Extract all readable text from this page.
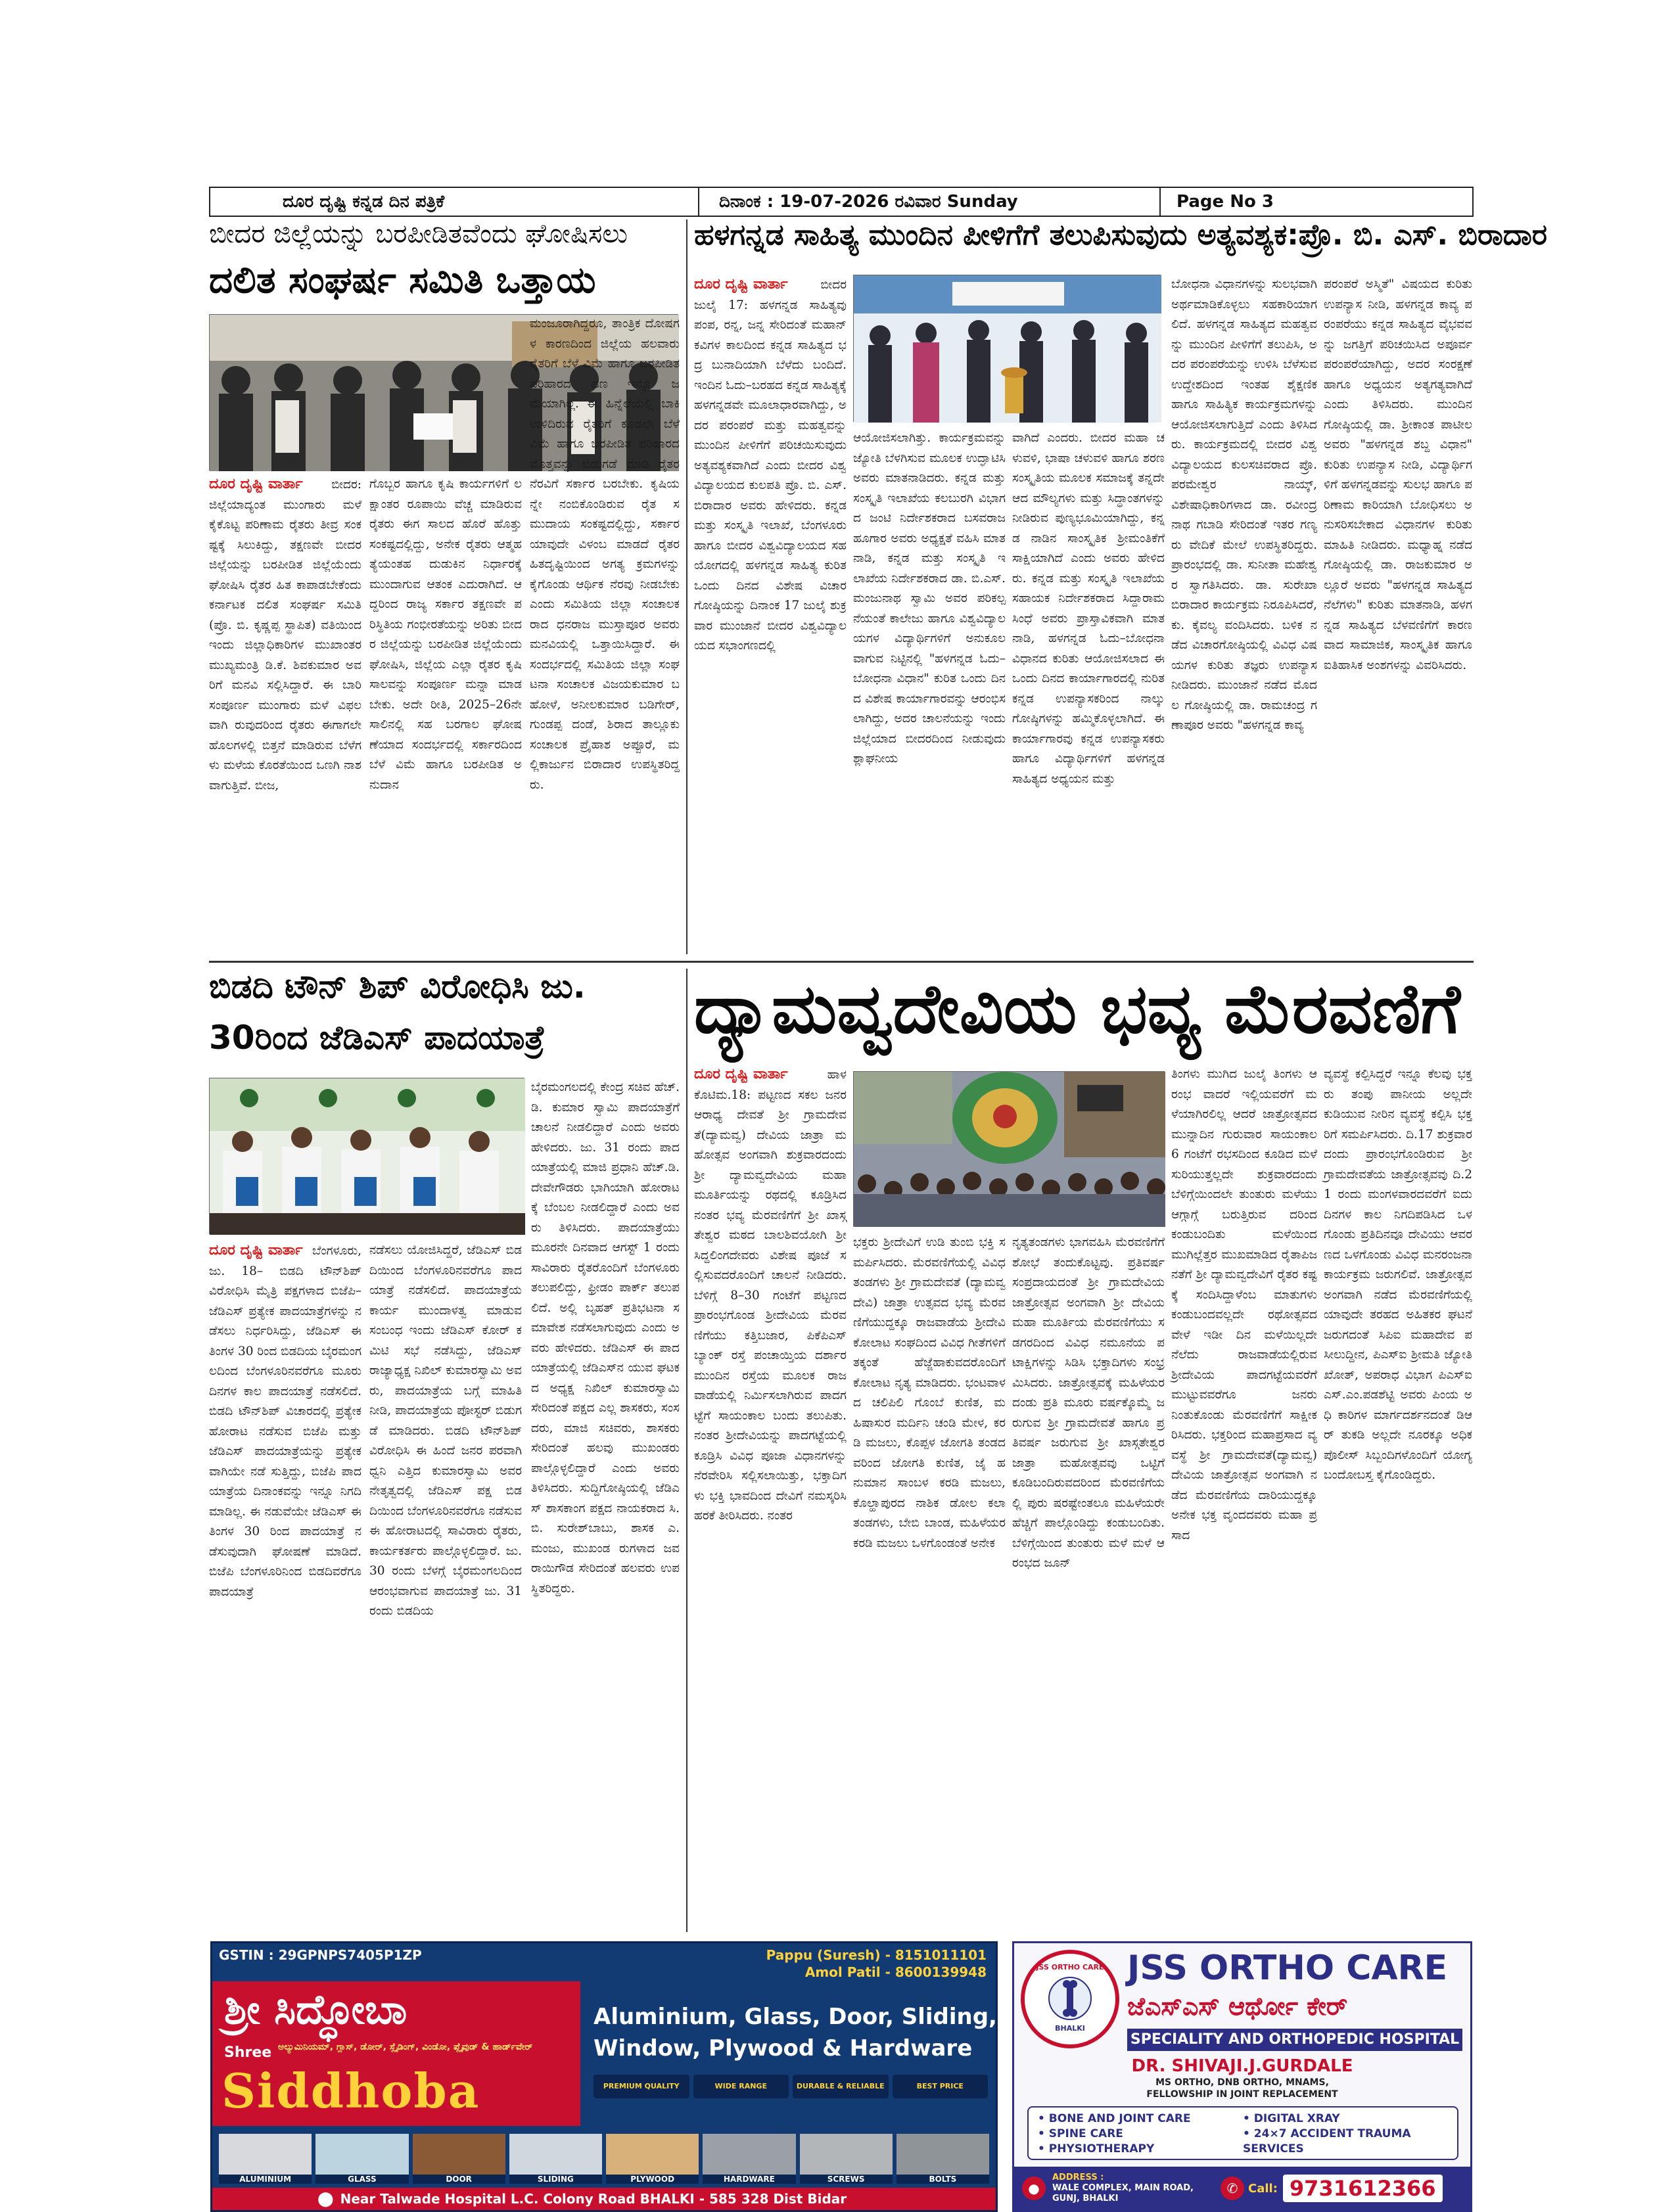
ದೂರ ದೃಷ್ಟಿ ಕನ್ನಡ ದಿನ ಪತ್ರಿಕೆ	ದಿನಾಂಕ : 19-07-2026 ರವಿವಾರ Sunday	Page No 3
ಬೀದರ ಜಿಲ್ಲೆಯನ್ನು ಬರಪೀಡಿತವೆಂದು ಘೋಷಿಸಲು
ದಲಿತ ಸಂಘರ್ಷ ಸಮಿತಿ ಒತ್ತಾಯ
ದೂರ ದೃಷ್ಟಿ ವಾರ್ತಾ ಬೀದರ: ಜಿಲ್ಲೆಯಾದ್ಯಂತ ಮುಂಗಾರು ಮಳೆ ಕೈಕೊಟ್ಟ ಪರಿಣಾಮ ರೈತರು ತೀವ್ರ ಸಂಕಷ್ಟಕ್ಕೆ ಸಿಲುಕಿದ್ದು, ತಕ್ಷಣವೇ ಬೀದರ ಜಿಲ್ಲೆಯನ್ನು ಬರಪೀಡಿತ ಜಿಲ್ಲೆಯೆಂದು ಘೋಷಿಸಿ ರೈತರ ಹಿತ ಕಾಪಾಡಬೇಕೆಂದು ಕರ್ನಾಟಕ ದಲಿತ ಸಂಘರ್ಷ ಸಮಿತಿ (ಪ್ರೊ. ಬಿ. ಕೃಷ್ಣಪ್ಪ ಸ್ಥಾಪಿತ) ವತಿಯಿಂದ ಇಂದು ಜಿಲ್ಲಾಧಿಕಾರಿಗಳ ಮುಖಾಂತರ ಮುಖ್ಯಮಂತ್ರಿ ಡಿ.ಕೆ. ಶಿವಕುಮಾರ ಅವರಿಗೆ ಮನವಿ ಸಲ್ಲಿಸಿದ್ದಾರೆ. ಈ ಬಾರಿ ಸಂಪೂರ್ಣ ಮುಂಗಾರು ಮಳೆ ವಿಫಲವಾಗಿ ರುವುದರಿಂದ ರೈತರು ಈಗಾಗಲೇ ಹೊಲಗಳಲ್ಲಿ ಬಿತ್ತನೆ ಮಾಡಿರುವ ಬೆಳೆಗಳು ಮಳೆಯ ಕೊರತೆಯಿಂದ ಒಣಗಿ ನಾಶವಾಗುತ್ತಿವೆ. ಬೀಜ,
ಗೊಬ್ಬರ ಹಾಗೂ ಕೃಷಿ ಕಾರ್ಯಗಳಿಗೆ ಲಕ್ಷಾಂತರ ರೂಪಾಯಿ ವೆಚ್ಚ ಮಾಡಿರುವ ರೈತರು ಈಗ ಸಾಲದ ಹೊರೆ ಹೊತ್ತು ಸಂಕಷ್ಟದಲ್ಲಿದ್ದು, ಅನೇಕ ರೈತರು ಆತ್ಮಹತ್ಯೆಯಂತಹ ದುಡುಕಿನ ನಿರ್ಧಾರಕ್ಕೆ ಮುಂದಾಗುವ ಆತಂಕ ಎದುರಾಗಿದೆ. ಆದ್ದರಿಂದ ರಾಜ್ಯ ಸರ್ಕಾರ ತಕ್ಷಣವೇ ಪರಿಸ್ಥಿತಿಯ ಗಂಭೀರತೆಯನ್ನು ಅರಿತು ಬೀದರ ಜಿಲ್ಲೆಯನ್ನು ಬರಪೀಡಿತ ಜಿಲ್ಲೆಯೆಂದು ಘೋಷಿಸಿ, ಜಿಲ್ಲೆಯ ಎಲ್ಲಾ ರೈತರ ಕೃಷಿ ಸಾಲವನ್ನು ಸಂಪೂರ್ಣ ಮನ್ನಾ ಮಾಡಬೇಕು. ಅದೇ ರೀತಿ, 2025–26ನೇ ಸಾಲಿನಲ್ಲಿ ಸಹ ಬರಗಾಲ ಘೋಷಣೆಯಾದ ಸಂದರ್ಭದಲ್ಲಿ ಸರ್ಕಾರದಿಂದ ಬೆಳೆ ವಿಮೆ ಹಾಗೂ ಬರಪೀಡಿತ ಅನುದಾನ
ಮಂಜೂರಾಗಿದ್ದರೂ, ತಾಂತ್ರಿಕ ದೋಷಗಳ ಕಾರಣದಿಂದ ಜಿಲ್ಲೆಯ ಹಲವಾರು ರೈತರಿಗೆ ಬೆಳೆ ವಿಮೆ ಹಾಗೂ ಬರಪೀಡಿತ ಪರಿಹಾರದ ಹಣ ಇನ್ನೂ ಜಮೆಯಾಗಿಲ್ಲ. ಈ ಹಿನ್ನೆಲೆಯಲ್ಲಿ ಬಾಕಿ ಉಳಿದಿರುವ ರೈತರಿಗೆ ಕೂಡಲೇ ಬೆಳೆ ವಿಮೆ ಹಾಗೂ ಬರಪೀಡಿತ ಪರಿಹಾರದ ಮೊತ್ತವನ್ನು ಬಿಡುಗಡೆ ಮಾಡಿ ರೈತರ ನೆರವಿಗೆ ಸರ್ಕಾರ ಬರಬೇಕು. ಕೃಷಿಯನ್ನೇ ನಂಬಿಕೊಂಡಿರುವ ರೈತ ಸಮುದಾಯ ಸಂಕಷ್ಟದಲ್ಲಿದ್ದು, ಸರ್ಕಾರ ಯಾವುದೇ ವಿಳಂಬ ಮಾಡದೆ ರೈತರ ಹಿತದೃಷ್ಟಿಯಿಂದ ಅಗತ್ಯ ಕ್ರಮಗಳನ್ನು ಕೈಗೊಂಡು ಆರ್ಥಿಕ ನೆರವು ನೀಡಬೇಕು ಎಂದು ಸಮಿತಿಯ ಜಿಲ್ಲಾ ಸಂಚಾಲಕರಾದ ಧನರಾಜ ಮುಸ್ತಾಪೂರ ಅವರು ಮನವಿಯಲ್ಲಿ ಒತ್ತಾಯಿಸಿದ್ದಾರೆ. ಈ ಸಂದರ್ಭದಲ್ಲಿ ಸಮಿತಿಯ ಜಿಲ್ಲಾ ಸಂಘಟನಾ ಸಂಚಾಲಕ ವಿಜಯಕುಮಾರ ಬಹೋಳೆ, ಅನೀಲಕುಮಾರ ಬಡಿಗೇರ್, ಗುಂಡಪ್ಪ ದಂಡೆ, ಶಿರಾದ ತಾಲ್ಲೂಕು ಸಂಚಾಲಕ ಪ್ರೈಹಾಶ ಅಪ್ಪೂರೆ, ಮಲ್ಲಿಕಾರ್ಜುನ ಬಿರಾದಾರ ಉಪಸ್ಥಿತರಿದ್ದರು.
ಹಳಗನ್ನಡ ಸಾಹಿತ್ಯ ಮುಂದಿನ ಪೀಳಿಗೆಗೆ ತಲುಪಿಸುವುದು ಅತ್ಯವಶ್ಯಕ:ಪ್ರೊ. ಬಿ. ಎಸ್. ಬಿರಾದಾರ
ದೂರ ದೃಷ್ಟಿ ವಾರ್ತಾ	ಬೀದರ ಜುಲೈ 17: ಹಳಗನ್ನಡ ಸಾಹಿತ್ಯವು ಪಂಪ, ರನ್ನ, ಜನ್ನ ಸೇರಿದಂತೆ ಮಹಾನ್ ಕವಿಗಳ ಕಾಲದಿಂದ ಕನ್ನಡ ಸಾಹಿತ್ಯದ ಭದ್ರ ಬುನಾದಿಯಾಗಿ ಬೆಳೆದು ಬಂದಿದೆ. ಇಂದಿನ ಓದು–ಬರಹದ ಕನ್ನಡ ಸಾಹಿತ್ಯಕ್ಕೆ ಹಳಗನ್ನಡವೇ ಮೂಲಾಧಾರವಾಗಿದ್ದು, ಅದರ ಪರಂಪರೆ ಮತ್ತು ಮಹತ್ವವನ್ನು ಮುಂದಿನ ಪೀಳಿಗೆಗೆ ಪರಿಚಯಿಸುವುದು ಅತ್ಯವಶ್ಯಕವಾಗಿದೆ ಎಂದು ಬೀದರ ವಿಶ್ವವಿದ್ಯಾಲಯದ ಕುಲಪತಿ ಪ್ರೊ. ಬಿ. ಎಸ್. ಬಿರಾದಾರ ಅವರು ಹೇಳಿದರು. ಕನ್ನಡ ಮತ್ತು ಸಂಸ್ಕೃತಿ ಇಲಾಖೆ, ಬೆಂಗಳೂರು ಹಾಗೂ ಬೀದರ ವಿಶ್ವವಿದ್ಯಾಲಯದ ಸಹಯೋಗದಲ್ಲಿ ಹಳಗನ್ನಡ ಸಾಹಿತ್ಯ ಕುರಿತ ಒಂದು ದಿನದ ವಿಶೇಷ ವಿಚಾರಗೋಷ್ಠಿಯನ್ನು ದಿನಾಂಕ 17 ಜುಲೈ ಶುಕ್ರವಾರ ಮುಂಜಾನೆ ಬೀದರ ವಿಶ್ವವಿದ್ಯಾಲಯದ ಸಭಾಂಗಣದಲ್ಲಿ
ಆಯೋಜಿಸಲಾಗಿತ್ತು. ಕಾರ್ಯಕ್ರಮವನ್ನು ಜ್ಯೋತಿ ಬೆಳಗಿಸುವ ಮೂಲಕ ಉದ್ಘಾಟಿಸಿ ಅವರು ಮಾತನಾಡಿದರು. ಕನ್ನಡ ಮತ್ತು ಸಂಸ್ಕೃತಿ ಇಲಾಖೆಯ ಕಲಬುರಗಿ ವಿಭಾಗದ ಜಂಟಿ ನಿರ್ದೇಶಕರಾದ ಬಸವರಾಜ ಹೂಗಾರ ಅವರು ಅಧ್ಯಕ್ಷತೆ ವಹಿಸಿ ಮಾತನಾಡಿ, ಕನ್ನಡ ಮತ್ತು ಸಂಸ್ಕೃತಿ ಇಲಾಖೆಯ ನಿರ್ದೇಶಕರಾದ ಡಾ. ಬಿ.ಎಸ್.ಮಂಜುನಾಥ ಸ್ವಾಮಿ ಅವರ ಪರಿಕಲ್ಪನೆಯಂತೆ ಕಾಲೇಜು ಹಾಗೂ ವಿಶ್ವವಿದ್ಯಾಲಯಗಳ ವಿದ್ಯಾರ್ಥಿಗಳಿಗೆ ಅನುಕೂಲವಾಗುವ ನಿಟ್ಟಿನಲ್ಲಿ "ಹಳಗನ್ನಡ ಓದು–ಬೋಧನಾ ವಿಧಾನ" ಕುರಿತ ಒಂದು ದಿನದ ವಿಶೇಷ ಕಾರ್ಯಾಗಾರವನ್ನು ಆರಂಭಿಸಲಾಗಿದ್ದು, ಅದರ ಚಾಲನೆಯನ್ನು ಇಂದು ಜಿಲ್ಲೆಯಾದ ಬೀದರದಿಂದ ನೀಡುವುದು ಶ್ಲಾಘನೀಯ
ವಾಗಿದೆ ಎಂದರು. ಬೀದರ ಮಹಾ ಚಳುವಳಿ, ಭಾಷಾ ಚಳುವಳಿ ಹಾಗೂ ಶರಣ ಸಂಸ್ಕೃತಿಯ ಮೂಲಕ ಸಮಾಜಕ್ಕೆ ತನ್ನದೇ ಆದ ಮೌಲ್ಯಗಳು ಮತ್ತು ಸಿದ್ಧಾಂತಗಳನ್ನು ನೀಡಿರುವ ಪುಣ್ಯಭೂಮಿಯಾಗಿದ್ದು, ಕನ್ನಡ ನಾಡಿನ ಸಾಂಸ್ಕೃತಿಕ ಶ್ರೀಮಂತಿಕೆಗೆ ಸಾಕ್ಷಿಯಾಗಿದೆ ಎಂದು ಅವರು ಹೇಳಿದರು. ಕನ್ನಡ ಮತ್ತು ಸಂಸ್ಕೃತಿ ಇಲಾಖೆಯ ಸಹಾಯಕ ನಿರ್ದೇಶಕರಾದ ಸಿದ್ದಾರಾಮ ಸಿಂಧೆ ಅವರು ಪ್ರಾಸ್ತಾವಿಕವಾಗಿ ಮಾತನಾಡಿ, ಹಳಗನ್ನಡ ಓದು–ಬೋಧನಾ ವಿಧಾನದ ಕುರಿತು ಆಯೋಜಿಸಲಾದ ಈ ಒಂದು ದಿನದ ಕಾರ್ಯಾಗಾರದಲ್ಲಿ ನುರಿತ ಕನ್ನಡ ಉಪನ್ಯಾಸಕರಿಂದ ನಾಲ್ಕು ಗೋಷ್ಠಿಗಳನ್ನು ಹಮ್ಮಿಕೊಳ್ಳಲಾಗಿದೆ. ಈ ಕಾರ್ಯಾಗಾರವು ಕನ್ನಡ ಉಪನ್ಯಾಸಕರು ಹಾಗೂ ವಿದ್ಯಾರ್ಥಿಗಳಿಗೆ ಹಳಗನ್ನಡ ಸಾಹಿತ್ಯದ ಅಧ್ಯಯನ ಮತ್ತು
ಬೋಧನಾ ವಿಧಾನಗಳನ್ನು ಸುಲಭವಾಗಿ ಅರ್ಥಮಾಡಿಕೊಳ್ಳಲು ಸಹಕಾರಿಯಾಗಲಿದೆ. ಹಳಗನ್ನಡ ಸಾಹಿತ್ಯದ ಮಹತ್ವವನ್ನು ಮುಂದಿನ ಪೀಳಿಗೆಗೆ ತಲುಪಿಸಿ, ಅದರ ಪರಂಪರೆಯನ್ನು ಉಳಿಸಿ ಬೆಳೆಸುವ ಉದ್ದೇಶದಿಂದ ಇಂತಹ ಶೈಕ್ಷಣಿಕ ಹಾಗೂ ಸಾಹಿತ್ಯಿಕ ಕಾರ್ಯಕ್ರಮಗಳನ್ನು ಆಯೋಜಿಸಲಾಗುತ್ತಿದೆ ಎಂದು ತಿಳಿಸಿದರು. ಕಾರ್ಯಕ್ರಮದಲ್ಲಿ ಬೀದರ ವಿಶ್ವವಿದ್ಯಾಲಯದ ಕುಲಸಚಿವರಾದ ಪ್ರೊ. ಪರಮೇಶ್ವರ ನಾಯ್ಕ್, ವಿಶೇಷಾಧಿಕಾರಿಗಳಾದ ಡಾ. ರವೀಂದ್ರನಾಥ ಗಬಾಡಿ ಸೇರಿದಂತೆ ಇತರ ಗಣ್ಯರು ವೇದಿಕೆ ಮೇಲೆ ಉಪಸ್ಥಿತರಿದ್ದರು. ಪ್ರಾರಂಭದಲ್ಲಿ ಡಾ. ಸುನೀತಾ ಮಹೇಶ್ವರ ಸ್ವಾಗತಿಸಿದರು. ಡಾ. ಸುರೇಖಾ ಬಿರಾದಾರ ಕಾರ್ಯಕ್ರಮ ನಿರೂಪಿಸಿದರೆ, ಕು. ಕೈವಲ್ಯ ವಂದಿಸಿದರು. ಬಳಿಕ ನಡೆದ ವಿಚಾರಗೋಷ್ಠಿಯಲ್ಲಿ ವಿವಿಧ ವಿಷಯಗಳ ಕುರಿತು ತಜ್ಞರು ಉಪನ್ಯಾಸ ನೀಡಿದರು. ಮುಂಜಾನೆ ನಡೆದ ಮೊದಲ ಗೋಷ್ಠಿಯಲ್ಲಿ ಡಾ. ರಾಮಚಂದ್ರ ಗಣಾಪೂರ ಅವರು "ಹಳಗನ್ನಡ ಕಾವ್ಯ
ಪರಂಪರೆ ಅಸ್ಮಿತೆ" ವಿಷಯದ ಕುರಿತು ಉಪನ್ಯಾಸ ನೀಡಿ, ಹಳಗನ್ನಡ ಕಾವ್ಯ ಪರಂಪರೆಯು ಕನ್ನಡ ಸಾಹಿತ್ಯದ ವೈಭವವನ್ನು ಜಗತ್ತಿಗೆ ಪರಿಚಯಿಸಿದ ಅಪೂರ್ವ ಪರಂಪರೆಯಾಗಿದ್ದು, ಅದರ ಸಂರಕ್ಷಣೆ ಹಾಗೂ ಅಧ್ಯಯನ ಅತ್ಯಗತ್ಯವಾಗಿದೆ ಎಂದು ತಿಳಿಸಿದರು. ಮುಂದಿನ ಗೋಷ್ಠಿಯಲ್ಲಿ ಡಾ. ಶ್ರೀಕಾಂತ ಪಾಟೀಲ ಅವರು "ಹಳಗನ್ನಡ ಶಬ್ದ ವಿಧಾನ" ಕುರಿತು ಉಪನ್ಯಾಸ ನೀಡಿ, ವಿದ್ಯಾರ್ಥಿಗಳಿಗೆ ಹಳಗನ್ನಡವನ್ನು ಸುಲಭ ಹಾಗೂ ಪರಿಣಾಮ ಕಾರಿಯಾಗಿ ಬೋಧಿಸಲು ಅನುಸರಿಸಬೇಕಾದ ವಿಧಾನಗಳ ಕುರಿತು ಮಾಹಿತಿ ನೀಡಿದರು. ಮಧ್ಯಾಹ್ನ ನಡೆದ ಗೋಷ್ಠಿಯಲ್ಲಿ ಡಾ. ರಾಜಕುಮಾರ ಅಲ್ಲೂರೆ ಅವರು "ಹಳಗನ್ನಡ ಸಾಹಿತ್ಯದ ನೆಲೆಗಳು" ಕುರಿತು ಮಾತನಾಡಿ, ಹಳಗನ್ನಡ ಸಾಹಿತ್ಯದ ಬೆಳವಣಿಗೆಗೆ ಕಾರಣವಾದ ಸಾಮಾಜಿಕ, ಸಾಂಸ್ಕೃತಿಕ ಹಾಗೂ ಐತಿಹಾಸಿಕ ಅಂಶಗಳನ್ನು ವಿವರಿಸಿದರು.
ಬಿಡದಿ ಟೌನ್ ಶಿಪ್ ವಿರೋಧಿಸಿ ಜು.
30ರಿಂದ ಜೆಡಿಎಸ್ ಪಾದಯಾತ್ರೆ
ದೂರ ದೃಷ್ಟಿ ವಾರ್ತಾ ಬೆಂಗಳೂರು, ಜು. 18– ಬಿಡದಿ ಟೌನ್‌ಶಿಪ್ ವಿರೋಧಿಸಿ ಮೈತ್ರಿ ಪಕ್ಷಗಳಾದ ಬಿಜೆಪಿ–ಜೆಡಿಎಸ್ ಪ್ರತ್ಯೇಕ ಪಾದಯಾತ್ರೆಗಳನ್ನು ನಡೆಸಲು ನಿರ್ಧರಿಸಿದ್ದು, ಜೆಡಿಎಸ್ ಈ ತಿಂಗಳ 30 ರಿಂದ ಬಿಡದಿಯ ಬೈರಮಂಗಲದಿಂದ ಬೆಂಗಳೂರಿನವರೆಗೂ ಮೂರು ದಿನಗಳ ಕಾಲ ಪಾದಯಾತ್ರೆ ನಡೆಸಲಿದೆ. ಬಿಡದಿ ಟೌನ್‌ಶಿಪ್ ವಿಚಾರದಲ್ಲಿ ಪ್ರತ್ಯೇಕ ಹೋರಾಟ ನಡೆಸುವ ಬಿಜೆಪಿ ಮತ್ತು ಜೆಡಿಎಸ್ ಪಾದಯಾತ್ರೆಯನ್ನು ಪ್ರತ್ಯೇಕವಾಗಿಯೇ ನಡೆ ಸುತ್ತಿದ್ದು, ಬಿಜೆಪಿ ಪಾದ ಯಾತ್ರೆಯ ದಿನಾಂಕವನ್ನು ಇನ್ನೂ ನಿಗದಿ ಮಾಡಿಲ್ಲ. ಈ ನಡುವೆಯೇ ಜೆಡಿಎಸ್ ಈ ತಿಂಗಳ 30 ರಿಂದ ಪಾದಯಾತ್ರೆ ನಡೆಸುವುದಾಗಿ ಘೋಷಣೆ ಮಾಡಿದೆ. ಬಿಜೆಪಿ ಬೆಂಗಳೂರಿನಿಂದ ಬಿಡದಿವರೆಗೂ ಪಾದಯಾತ್ರೆ
ನಡೆಸಲು ಯೋಜಿಸಿದ್ದರೆ, ಜೆಡಿಎಸ್ ಬಿಡದಿಯಿಂದ ಬೆಂಗಳೂರಿನವರೆಗೂ ಪಾದಯಾತ್ರೆ ನಡೆಸಲಿದೆ. ಪಾದಯಾತ್ರೆಯ ಕಾರ್ಯ ಮುಂದಾಳತ್ವ ಮಾಡುವ ಸಂಬಂಧ ಇಂದು ಜೆಡಿಎಸ್ ಕೋರ್ ಕಮಿಟಿ ಸಭೆ ನಡೆಸಿದ್ದು, ಜೆಡಿಎಸ್ ರಾಜ್ಯಾಧ್ಯಕ್ಷ ನಿಖಿಲ್ ಕುಮಾರಸ್ವಾಮಿ ಅವರು, ಪಾದಯಾತ್ರೆಯ ಬಗ್ಗೆ ಮಾಹಿತಿ ನೀಡಿ, ಪಾದಯಾತ್ರೆಯ ಪೋಸ್ಟರ್ ಬಿಡುಗಡೆ ಮಾಡಿದರು. ಬಿಡದಿ ಟೌನ್‌ಶಿಪ್ ವಿರೋಧಿಸಿ ಈ ಹಿಂದೆ ಜನರ ಪರವಾಗಿ ಧ್ವನಿ ಎತ್ತಿದ ಕುಮಾರಸ್ವಾಮಿ ಅವರ ನೇತೃತ್ವದಲ್ಲಿ ಜೆಡಿಎಸ್ ಪಕ್ಷ ಬಿಡದಿಯಿಂದ ಬೆಂಗಳೂರಿನವರೆಗೂ ನಡೆಸುವ ಈ ಹೋರಾಟದಲ್ಲಿ ಸಾವಿರಾರು ರೈತರು, ಕಾರ್ಯಕರ್ತರು ಪಾಲ್ಗೊಳ್ಳಲಿದ್ದಾರೆ. ಜು. 30 ರಂದು ಬೆಳಗ್ಗೆ ಬೈರಮಂಗಲದಿಂದ ಆರಂಭವಾಗುವ ಪಾದಯಾತ್ರೆ ಜು. 31 ರಂದು ಬಿಡದಿಯ
ಬೈರಮಂಗಲದಲ್ಲಿ ಕೇಂದ್ರ ಸಚಿವ ಹೆಚ್.ಡಿ. ಕುಮಾರ ಸ್ವಾಮಿ ಪಾದಯಾತ್ರೆಗೆ ಚಾಲನೆ ನೀಡಲಿದ್ದಾರೆ ಎಂದು ಅವರು ಹೇಳಿದರು. ಜು. 31 ರಂದು ಪಾದಯಾತ್ರೆಯಲ್ಲಿ ಮಾಜಿ ಪ್ರಧಾನಿ ಹೆಚ್.ಡಿ. ದೇವೇಗೌಡರು ಭಾಗಿಯಾಗಿ ಹೋರಾಟಕ್ಕೆ ಬೆಂಬಲ ನೀಡಲಿದ್ದಾರೆ ಎಂದು ಅವರು ತಿಳಿಸಿದರು. ಪಾದಯಾತ್ರೆಯು ಮೂರನೇ ದಿನವಾದ ಆಗಸ್ಟ್ 1 ರಂದು ಸಾವಿರಾರು ರೈತರೊಂದಿಗೆ ಬೆಂಗಳೂರು ತಲುಪಲಿದ್ದು, ಫ್ರೀಡಂ ಪಾರ್ಕ್ ತಲುಪಲಿದೆ. ಅಲ್ಲಿ ಬೃಹತ್ ಪ್ರತಿಭಟನಾ ಸಮಾವೇಶ ನಡೆಸಲಾಗುವುದು ಎಂದು ಅವರು ಹೇಳಿದರು. ಜೆಡಿಎಸ್ ಈ ಪಾದಯಾತ್ರೆಯಲ್ಲಿ ಜೆಡಿಎಸ್‌ನ ಯುವ ಘಟಕದ ಅಧ್ಯಕ್ಷ ನಿಖಿಲ್ ಕುಮಾರಸ್ವಾಮಿ ಸೇರಿದಂತೆ ಪಕ್ಷದ ಎಲ್ಲ ಶಾಸಕರು, ಸಂಸದರು, ಮಾಜಿ ಸಚಿವರು, ಶಾಸಕರು ಸೇರಿದಂತೆ ಹಲವು ಮುಖಂಡರು ಪಾಲ್ಗೊಳ್ಳಲಿದ್ದಾರೆ ಎಂದು ಅವರು ತಿಳಿಸಿದರು. ಸುದ್ದಿಗೋಷ್ಠಿಯಲ್ಲಿ ಜೆಡಿಎಸ್ ಶಾಸಕಾಂಗ ಪಕ್ಷದ ನಾಯಕರಾದ ಸಿ.ಬಿ. ಸುರೇಶ್‌ಬಾಬು, ಶಾಸಕ ಎ. ಮಂಜು, ಮುಖಂಡ ರುಗಳಾದ ಜವರಾಯಿಗೌಡ ಸೇರಿದಂತೆ ಹಲವರು ಉಪಸ್ಥಿತರಿದ್ದರು.
ದ್ಯಾಮವ್ವದೇವಿಯ ಭವ್ಯ ಮೆರವಣಿಗೆ
ದೂರ ದೃಷ್ಟಿ ವಾರ್ತಾ	ಹಾಳಕೊಟಿಮ.18: ಪಟ್ಟಣದ ಸಕಲ ಜನರ ಆರಾಧ್ಯ ದೇವತೆ ಶ್ರೀ ಗ್ರಾಮದೇವತೆ(ದ್ಯಾಮವ್ವ) ದೇವಿಯ ಜಾತ್ರಾ ಮಹೋತ್ಸವ ಅಂಗವಾಗಿ ಶುಕ್ರವಾರದಂದು ಶ್ರೀ ದ್ಯಾಮವ್ವದೇವಿಯ ಮಹಾ ಮೂರ್ತಿಯನ್ನು ರಥದಲ್ಲಿ ಕೂಡ್ರಿಸಿದ ನಂತರ ಭವ್ಯ ಮೆರವಣಿಗೆಗೆ ಶ್ರೀ ಖಾಸ್ಗತೇಶ್ವರ ಮಠದ ಬಾಲಶಿವಯೋಗಿ ಶ್ರೀ ಸಿದ್ದಲಿಂಗದೇವರು ವಿಶೇಷ ಪೂಜೆ ಸಲ್ಲಿಸುವದರೊಂದಿಗೆ ಚಾಲನೆ ನೀಡಿದರು. ಬೆಳಿಗ್ಗೆ 8–30 ಗಂಟೆಗೆ ಪಟ್ಟಣದ ಪ್ರಾರಂಭಗೊಂಡ ಶ್ರೀದೇವಿಯ ಮೆರವಣಿಗೆಯು ಕತ್ತಿಬಜಾರ, ಪಿಕೆಪಿಎಸ್ ಬ್ಯಾಂಕ್ ರಸ್ತೆ ಪಂಚಾಯ್ತಿಯ ದರ್ಶಾರ ಮುಂದಿನ ರಸ್ತೆಯ ಮೂಲಕ ರಾಜವಾಡೆಯಲ್ಲಿ ನಿರ್ಮಿಸಲಾಗಿರುವ ಪಾದಗಟ್ಟೆಗೆ ಸಾಯಂಕಾಲ ಬಂದು ತಲುಪಿತು. ನಂತರ ಶ್ರೀದೇವಿಯನ್ನು ಪಾದಗಟ್ಟೆಯಲ್ಲಿ ಕೂಡ್ರಿಸಿ ವಿವಿಧ ಪೂಜಾ ವಿಧಾನಗಳನ್ನು ನೆರವೇರಿಸಿ ಸಲ್ಲಿಸಲಾಯಿತ್ತು, ಭಕ್ತಾದಿಗಳು ಭಕ್ತಿ ಭಾವದಿಂದ ದೇವಿಗೆ ನಮಸ್ಕರಿಸಿ ಹರಕೆ ತೀರಿಸಿದರು. ನಂತರ
ಭಕ್ತರು ಶ್ರೀದೇವಿಗೆ ಉಡಿ ತುಂಬಿ ಭಕ್ತಿ ಸಮರ್ಪಿಸಿದರು. ಮೆರವಣಿಗೆಯಲ್ಲಿ ವಿವಿಧ ತಂಡಗಳು ಶ್ರೀ ಗ್ರಾಮದೇವತೆ (ದ್ಯಾಮವ್ವದೇವಿ) ಜಾತ್ರಾ ಉತ್ಸವದ ಭವ್ಯ ಮೆರವಣಿಗೆಯುದ್ದಕ್ಕೂ ರಾಜವಾಡೆಯ ಶ್ರೀದೇವಿ ಕೋಲಾಟ ಸಂಘದಿಂದ ವಿವಿಧ ಗೀತೆಗಳಿಗೆ ತಕ್ಕಂತೆ ಹೆಜ್ಜೆಹಾಕುವದರೊಂದಿಗೆ ಕೋಲಾಟ ನೃತ್ಯ ಮಾಡಿದರು. ಭಂಟವಾಳದ ಚಲಿಪಿಲಿ ಗೊಂಬೆ ಕುಣಿತ, ಮಹಿಷಾಸುರ ಮರ್ದಿನಿ ಚಂಡಿ ಮೇಳ, ಕರಡಿ ಮಜಲು, ಕೊಪ್ಪಳ ಜೋಗತಿ ತಂಡದವರಿಂದ ಜೋಗತಿ ಕುಣಿತ, ಜೈ ಹನುಮಾನ ಸಾಂಬಳ ಕರಡಿ ಮಜಲು, ಕೊಲ್ಹಾಪುರದ ನಾಶಿಕ ಡೋಲ ಕಲಾ ತಂಡಗಳು, ಬೇಬಿ ಬಾಂಡ, ಮಹಿಳೆಯರ ಕರಡಿ ಮಜಲು ಒಳಗೊಂಡಂತೆ ಅನೇಕ
ನೃತ್ಯತಂಡಗಳು ಭಾಗವಹಿಸಿ ಮೆರವಣಿಗೆಗೆ ಶೋಭೆ ತಂದುಕೊಟ್ಟವು. ಪ್ರತಿವರ್ಷ ಸಂಪ್ರದಾಯದಂತೆ ಶ್ರೀ ಗ್ರಾಮದೇವಿಯ ಜಾತ್ರೋತ್ಸವ ಅಂಗವಾಗಿ ಶ್ರೀ ದೇವಿಯ ಮಹಾ ಮೂರ್ತಿಯ ಮೆರವಣಿಗೆಯು ಸಡಗರದಿಂದ ವಿವಿಧ ನಮೂನೆಯ ಪಟಾಕ್ಷಿಗಳನ್ನು ಸಿಡಿಸಿ ಭಕ್ತಾದಿಗಳು ಸಂಭ್ರಮಿಸಿದರು. ಜಾತ್ರೋತ್ಸವಕ್ಕೆ ಮಹಿಳೆಯರ ದಂಡು ಪ್ರತಿ ಮೂರು ವರ್ಷಕ್ಕೊಮ್ಮೆ ಜರುಗುವ ಶ್ರೀ ಗ್ರಾಮದೇವತೆ ಹಾಗೂ ಪ್ರತಿವರ್ಷ ಜರುಗುವ ಶ್ರೀ ಖಾಸ್ಗತೇಶ್ವರ ಜಾತ್ರಾ ಮಹೋತ್ಸವವು ಒಟ್ಟಿಗೆ ಕೂಡಿಬಂದಿರುವದರಿಂದ ಮೆರವಣಿಗೆಯಲ್ಲಿ ಪುರು ಷರಷ್ಟೇಂತಲೂ ಮಹಿಳೆಯರೇ ಹೆಚ್ಚಿಗೆ ಪಾಲ್ಗೊಂಡಿದ್ದು ಕಂಡುಬಂದಿತು. ಬೆಳಿಗ್ಗೆಯಿಂದ ತುಂತುರು ಮಳೆ ಮಳೆ ಆರಂಭದ ಜೂನ್
ತಿಂಗಳು ಮುಗಿದ ಜುಲೈ ತಿಂಗಳು ಆರಂಭ ವಾದರೆ ಇಲ್ಲಿಯವರೆಗೆ ಮಳೆಯಾಗಿರಲಿಲ್ಲ ಆದರೆ ಜಾತ್ರೋತ್ಸವದ ಮುನ್ನಾದಿನ ಗುರುವಾರ ಸಾಯಂಕಾಲ 6 ಗಂಟೆಗೆ ರಭಸದಿಂದ ಕೂಡಿದ ಮಳೆ ಸುರಿಯುತ್ತಲ್ಲದೇ ಶುಕ್ರವಾರದಂದು ಬೆಳಿಗ್ಗೆಯಿಂದಲೇ ತುಂತುರು ಮಳೆಯು ಆಗ್ಗಾಗ್ಗೆ ಬರುತ್ತಿರುವ ದರಿಂದ ಕಂಡುಬಂದಿತು ಮಳೆಯಿಂದ ಮುಗಿಲ್ಲೆತ್ತರ ಮುಖಮಾಡಿದ ರೈತಾಪಿಜನತೆಗೆ ಶ್ರೀ ದ್ಯಾಮವ್ವದೇವಿಗೆ ರೈತರ ಕಷ್ಟಕ್ಕೆ ಸಂದಿಸಿದ್ದಾಳೆಂಬ ಮಾತುಗಳು ಕಂಡುಬಂದವಲ್ಲದೇ ರಥೋತ್ಸವದ ವೇಳೆ ಇಡೀ ದಿನ ಮಳೆಯಿಲ್ಲದೇ ನೆಲೆದು ರಾಜವಾಡೆಯಲ್ಲಿರುವ ಶ್ರೀದೇವಿಯ ಪಾದಗಟ್ಟೆಯವರೆಗೆ ಮುಟ್ಟುವವರೆಗೂ ಜನರು ನಿಂತುಕೊಂಡು ಮೆರವಣಿಗೆಗೆ ಸಾಕ್ಷೀಕರಿಸಿದರು. ಭಕ್ತರಿಂದ ಮಹಾಪ್ರಸಾದ ವ್ಯವಸ್ಥೆ ಶ್ರೀ ಗ್ರಾಮದೇವತೆ(ದ್ಯಾಮವ್ವ)ದೇವಿಯ ಜಾತ್ರೋತ್ಸವ ಅಂಗವಾಗಿ ನಡೆದ ಮೆರವಣಿಗೆಯ ದಾರಿಯುದ್ದಕ್ಕೂ ಅನೇಕ ಭಕ್ತ ವೃಂದದವರು ಮಹಾ ಪ್ರಸಾದ
ವ್ಯವಸ್ಥೆ ಕಲ್ಪಿಸಿದ್ದರೆ ಇನ್ನೂ ಕೆಲವು ಭಕ್ತರು ತಂಪು ಪಾನೀಯ ಅಲ್ಲದೇ ಕುಡಿಯುವ ನೀರಿನ ವ್ಯವಸ್ಥೆ ಕಲ್ಪಿಸಿ ಭಕ್ತರಿಗೆ ಸಮರ್ಪಿಸಿದರು. ದಿ.17 ಶುಕ್ರವಾರದಂದು ಪ್ರಾರಂಭಗೊಂಡಿರುವ ಶ್ರೀ ಗ್ರಾಮದೇವತೆಯ ಜಾತ್ರೋತ್ಸವವು ದಿ.21 ರಂದು ಮಂಗಳವಾರದವರೆಗೆ ಐದು ದಿನಗಳ ಕಾಲ ನಿಗದಿಪಡಿಸಿದ ಒಳಗೊಂಡು ಪ್ರತಿದಿನವೂ ದೇವಿಯು ಆವರಣದ ಒಳಗೊಂಡು ವಿವಿಧ ಮನರಂಜನಾ ಕಾರ್ಯಕ್ರಮ ಜರುಗಲಿವೆ. ಜಾತ್ರೋತ್ಸವ ಅಂಗವಾಗಿ ನಡೆದ ಮೆರವಣಿಗೆಯಲ್ಲಿ ಯಾವುದೇ ತರಹದ ಅಹಿತಕರ ಘಟನೆ ಜರುಗದಂತೆ ಸಿಪಿಐ ಮಹಾದೇವ ಪಸೀಲುದ್ದೀನ, ಪಿಎಸ್‌ಐ ಶ್ರೀಮತಿ ಜ್ಯೋತಿ ಖೋತ್, ಅಪರಾಧ ವಿಭಾಗ ಪಿಎಸ್‌ಐ ಎಸ್.ಎಂ.ಪಡಶೆಟ್ಟಿ ಅವರು ಪಿಂಯ ಅಧಿ ಕಾರಿಗಳ ಮಾರ್ಗದರ್ಶನದಂತೆ ಡಿಆರ್ ತುಕಡಿ ಅಲ್ಲದೇ ನೂರಕ್ಕೂ ಅಧಿಕ ಪೊಲೀಸ್ ಸಿಬ್ಬಂದಿಗಳೊಂದಿಗೆ ಯೋಗ್ಯ ಬಂದೋಬಸ್ತ ಕೈಗೊಂಡಿದ್ದರು.
GSTIN : 29GPNPS7405P1ZP	Pappu (Suresh) - 8151011101
Amol Patil - 8600139948
ಶ್ರೀ ಸಿದ್ಧೋಬಾ
Shree ಅಲ್ಯುಮಿನಿಯಮ್, ಗ್ಲಾಸ್, ಡೋರ್, ಸ್ಲೈಡಿಂಗ್, ವಿಂಡೋ, ಪ್ಲೈವುಡ್ & ಹಾರ್ಡ್‌ವೇರ್
Siddhoba
Aluminium, Glass, Door, Sliding,
Window, Plywood & Hardware
PREMIUM QUALITY	WIDE RANGE	DURABLE & RELIABLE	BEST PRICE
ALUMINIUM	GLASS	DOOR	SLIDING	PLYWOOD	HARDWARE	SCREWS	BOLTS
⬤ Near Talwade Hospital L.C. Colony Road BHALKI - 585 328 Dist Bidar
JSS ORTHO CARE
BHALKI
JSS ORTHO CARE
ಜೆಎಸ್‌ಎಸ್ ಆರ್ಥೋ ಕೇರ್
SPECIALITY AND ORTHOPEDIC HOSPITAL
DR. SHIVAJI.J.GURDALE
MS ORTHO, DNB ORTHO, MNAMS,
FELLOWSHIP IN JOINT REPLACEMENT
• BONE AND JOINT CARE
• SPINE CARE
• PHYSIOTHERAPY
• DIGITAL XRAY
• 24×7 ACCIDENT TRAUMA SERVICES
●
ADDRESS :
WALE COMPLEX, MAIN ROAD, GUNJ, BHALKI
✆ Call: 9731612366
